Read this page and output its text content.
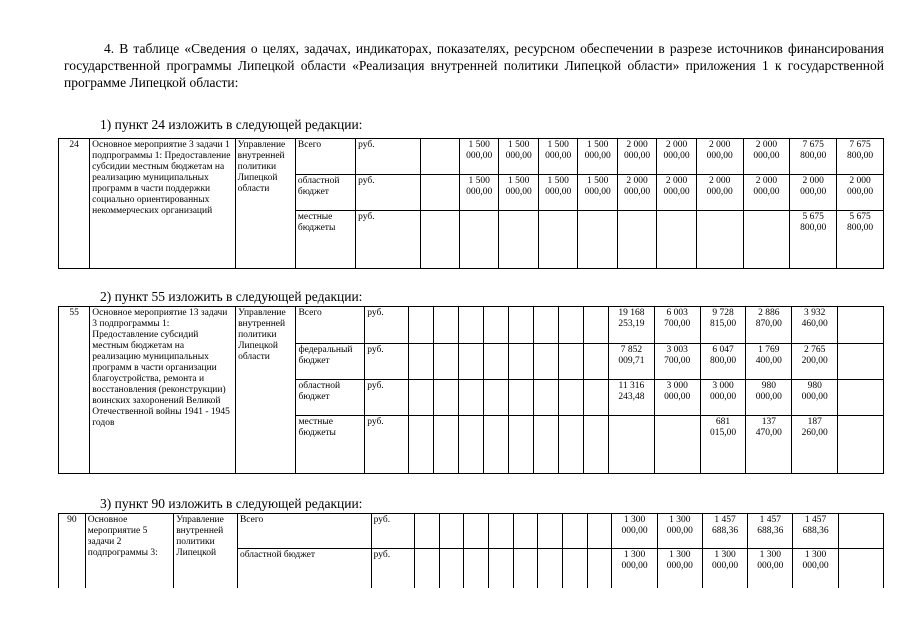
4. В таблице «Сведения о целях, задачах, индикаторах, показателях, ресурсном обеспечении в разрезе источников финансирования государственной программы Липецкой области «Реализация внутренней политики Липецкой области» приложения 1 к государственной программе Липецкой области:
1) пункт 24 изложить в следующей редакции:
24	Основное мероприятие 3 задачи 1 подпрограммы 1: Предоставление субсидии местным бюджетам на реализацию муниципальных программ в части поддержки социально ориентированных некоммерческих организаций	Управление внутренней политики Липецкой области	Всего	руб.		1 500 000,00	1 500 000,00	1 500 000,00	1 500 000,00	2 000 000,00	2 000 000,00	2 000 000,00	2 000 000,00	7 675 800,00	7 675 800,00
			областной бюджет	руб.		1 500 000,00	1 500 000,00	1 500 000,00	1 500 000,00	2 000 000,00	2 000 000,00	2 000 000,00	2 000 000,00	2 000 000,00	2 000 000,00
			местные бюджеты	руб.										5 675 800,00	5 675 800,00
2) пункт 55 изложить в следующей редакции:
55	Основное мероприятие 13 задачи 3 подпрограммы 1: Предоставление субсидий местным бюджетам на реализацию муниципальных программ в части организации благоустройства, ремонта и восстановления (реконструкции) воинских захоронений Великой Отечественной войны 1941 - 1945 годов	Управление внутренней политики Липецкой области	Всего	руб.									19 168 253,19	6 003 700,00	9 728 815,00	2 886 870,00	3 932 460,00	
			федеральный бюджет	руб.									7 852 009,71	3 003 700,00	6 047 800,00	1 769 400,00	2 765 200,00	
			областной бюджет	руб.									11 316 243,48	3 000 000,00	3 000 000,00	980 000,00	980 000,00	
			местные бюджеты	руб.											681 015,00	137 470,00	187 260,00	
3) пункт 90 изложить в следующей редакции:
90	Основное мероприятие 5 задачи 2 подпрограммы 3:	Управление внутренней политики Липецкой	Всего	руб.									1 300 000,00	1 300 000,00	1 457 688,36	1 457 688,36	1 457 688,36	
			областной бюджет	руб.									1 300 000,00	1 300 000,00	1 300 000,00	1 300 000,00	1 300 000,00	
